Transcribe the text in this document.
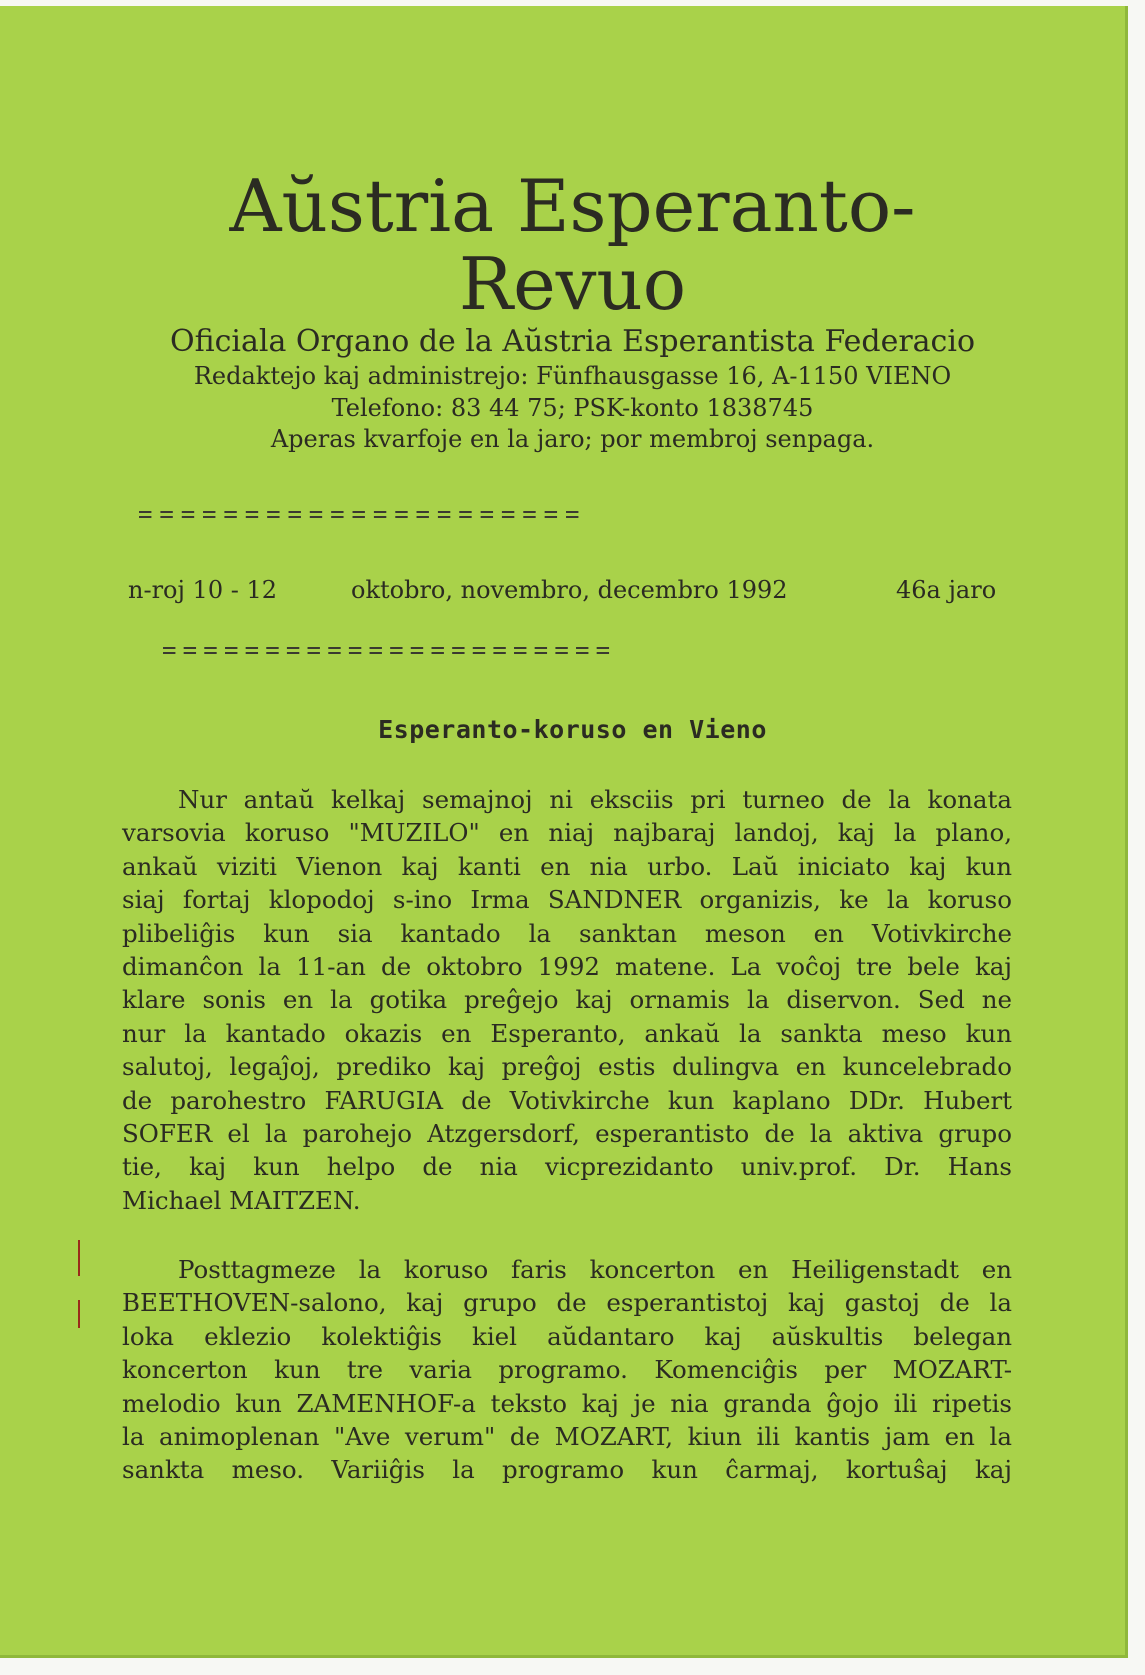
Aŭstria Esperanto-
Revuo
Oficiala Organo de la Aŭstria Esperantista Federacio
Redaktejo kaj administrejo: Fünfhausgasse 16, A-1150 VIENO
Telefono: 83 44 75; PSK-konto 1838745
Aperas kvarfoje en la jaro; por membroj senpaga.
=====================
n-roj 10 - 12	oktobro, novembro, decembro 1992	46a jaro
======================
Esperanto-koruso en Vieno
Nur antaŭ kelkaj semajnoj ni eksciis pri turneo de la konata
varsovia koruso "MUZILO" en niaj najbaraj landoj, kaj la plano,
ankaŭ viziti Vienon kaj kanti en nia urbo. Laŭ iniciato kaj kun
siaj fortaj klopodoj s-ino Irma SANDNER organizis, ke la koruso
plibeliĝis kun sia kantado la sanktan meson en Votivkirche
dimanĉon la 11-an de oktobro 1992 matene. La voĉoj tre bele kaj
klare sonis en la gotika preĝejo kaj ornamis la diservon. Sed ne
nur la kantado okazis en Esperanto, ankaŭ la sankta meso kun
salutoj, legaĵoj, prediko kaj preĝoj estis dulingva en kuncelebrado
de parohestro FARUGIA de Votivkirche kun kaplano DDr. Hubert
SOFER el la parohejo Atzgersdorf, esperantisto de la aktiva grupo
tie, kaj kun helpo de nia vicprezidanto univ.prof. Dr. Hans
Michael MAITZEN.
Posttagmeze la koruso faris koncerton en Heiligenstadt en
BEETHOVEN-salono, kaj grupo de esperantistoj kaj gastoj de la
loka eklezio kolektiĝis kiel aŭdantaro kaj aŭskultis belegan
koncerton kun tre varia programo. Komenciĝis per MOZART-
melodio kun ZAMENHOF-a teksto kaj je nia granda ĝojo ili ripetis
la animoplenan "Ave verum" de MOZART, kiun ili kantis jam en la
sankta meso. Variiĝis la programo kun ĉarmaj, kortuŝaj kaj
